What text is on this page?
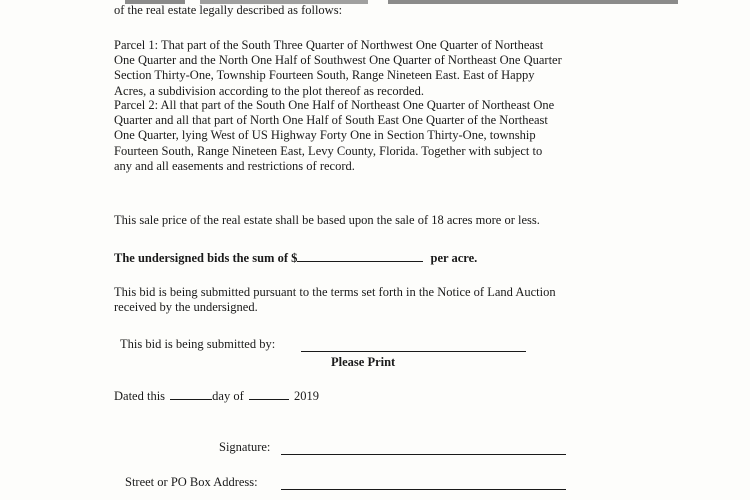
of the real estate legally described as follows:
Parcel 1: That part of the South Three Quarter of Northwest One Quarter of Northeast
One Quarter and the North One Half of Southwest One Quarter of Northeast One Quarter
Section Thirty-One, Township Fourteen South, Range Nineteen East. East of Happy
Acres, a subdivision according to the plot thereof as recorded.
Parcel 2: All that part of the South One Half of Northeast One Quarter of Northeast One
Quarter and all that part of North One Half of South East One Quarter of the Northeast
One Quarter, lying West of US Highway Forty One in Section Thirty-One, township
Fourteen South, Range Nineteen East, Levy County, Florida. Together with subject to
any and all easements and restrictions of record.
This sale price of the real estate shall be based upon the sale of 18 acres more or less.
The undersigned bids the sum of $	per acre.
This bid is being submitted pursuant to the terms set forth in the Notice of Land Auction
received by the undersigned.
This bid is being submitted by:
Please Print
Dated this	day of	2019
Signature:
Street or PO Box Address:
